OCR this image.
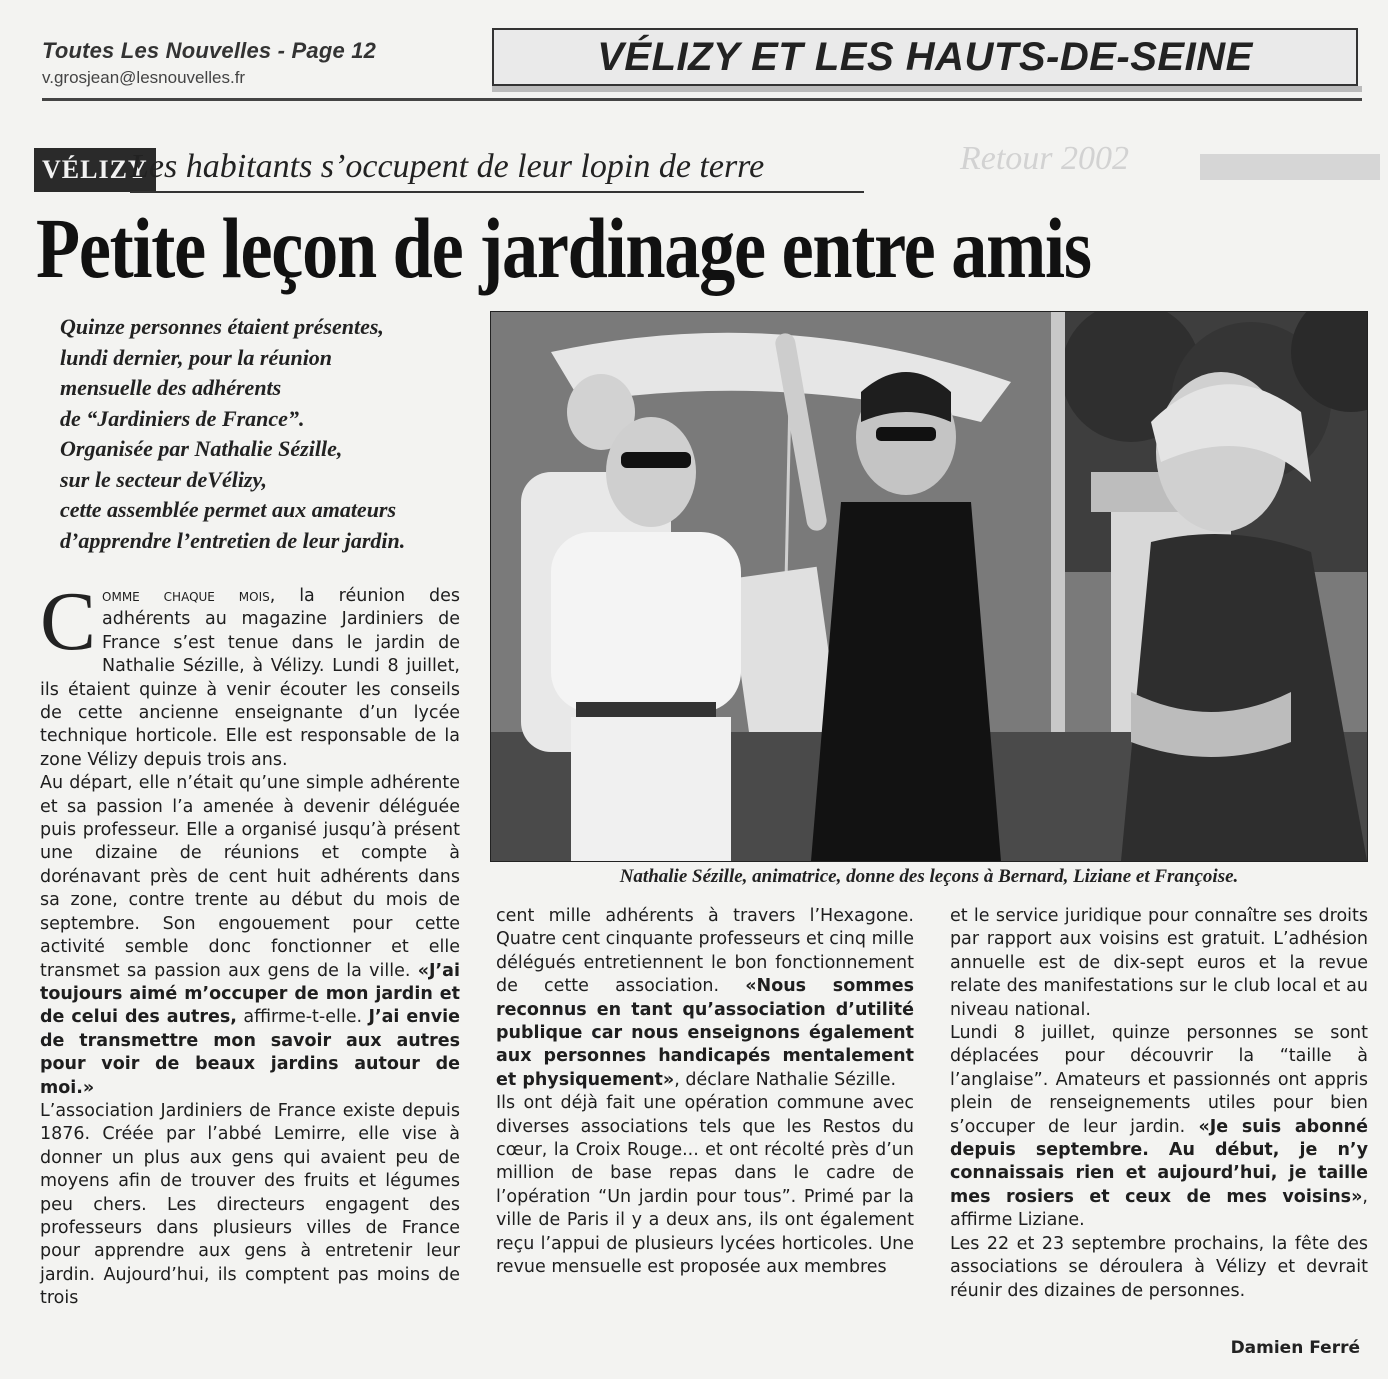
Toutes Les Nouvelles - Page 12
v.grosjean@lesnouvelles.fr	VÉLIZY ET LES HAUTS-DE-SEINE
Retour 2002
VÉLIZY
Les habitants s’occupent de leur lopin de terre
Petite leçon de jardinage entre amis
Quinze personnes étaient présentes,
lundi dernier, pour la réunion
mensuelle des adhérents
de “Jardiniers de France”.
Organisée par Nathalie Sézille,
sur le secteur deVélizy,
cette assemblée permet aux amateurs
d’apprendre l’entretien de leur jardin.
Nathalie Sézille, animatrice, donne des leçons à Bernard, Liziane et Françoise.

Comme chaque mois, la réunion des adhérents au magazine Jardiniers de France s’est tenue dans le jardin de Nathalie Sézille, à Vélizy. Lundi 8 juillet, ils étaient quinze à venir écouter les conseils de cette ancienne enseignante d’un lycée technique horticole. Elle est responsable de la zone Vélizy depuis trois ans.

Au départ, elle n’était qu’une simple adhérente et sa passion l’a amenée à devenir déléguée puis professeur. Elle a organisé jusqu’à présent une dizaine de réunions et compte à dorénavant près de cent huit adhérents dans sa zone, contre trente au début du mois de septembre. Son engouement pour cette activité semble donc fonctionner et elle transmet sa passion aux gens de la ville. «J’ai toujours aimé m’occuper de mon jardin et de celui des autres, affirme-t-elle. J’ai envie de transmettre mon savoir aux autres pour voir de beaux jardins autour de moi.»

L’association Jardiniers de France existe depuis 1876. Créée par l’abbé Lemirre, elle vise à donner un plus aux gens qui avaient peu de moyens afin de trouver des fruits et légumes peu chers. Les directeurs engagent des professeurs dans plusieurs villes de France pour apprendre aux gens à entretenir leur jardin. Aujourd’hui, ils comptent pas moins de trois

cent mille adhérents à travers l’Hexagone. Quatre cent cinquante professeurs et cinq mille délégués entretiennent le bon fonctionnement de cette association. «Nous sommes reconnus en tant qu’association d’utilité publique car nous enseignons également aux personnes handicapés mentalement et physiquement», déclare Nathalie Sézille.

Ils ont déjà fait une opération commune avec diverses associations tels que les Restos du cœur, la Croix Rouge... et ont récolté près d’un million de base repas dans le cadre de l’opération “Un jardin pour tous”. Primé par la ville de Paris il y a deux ans, ils ont également reçu l’appui de plusieurs lycées horticoles. Une revue mensuelle est proposée aux membres

et le service juridique pour connaître ses droits par rapport aux voisins est gratuit. L’adhésion annuelle est de dix-sept euros et la revue relate des manifestations sur le club local et au niveau national.

Lundi 8 juillet, quinze personnes se sont déplacées pour découvrir la “taille à l’anglaise”. Amateurs et passionnés ont appris plein de renseignements utiles pour bien s’occuper de leur jardin. «Je suis abonné depuis septembre. Au début, je n’y connaissais rien et aujourd’hui, je taille mes rosiers et ceux de mes voisins», affirme Liziane.

Les 22 et 23 septembre prochains, la fête des associations se déroulera à Vélizy et devrait réunir des dizaines de personnes.

Damien Ferré
